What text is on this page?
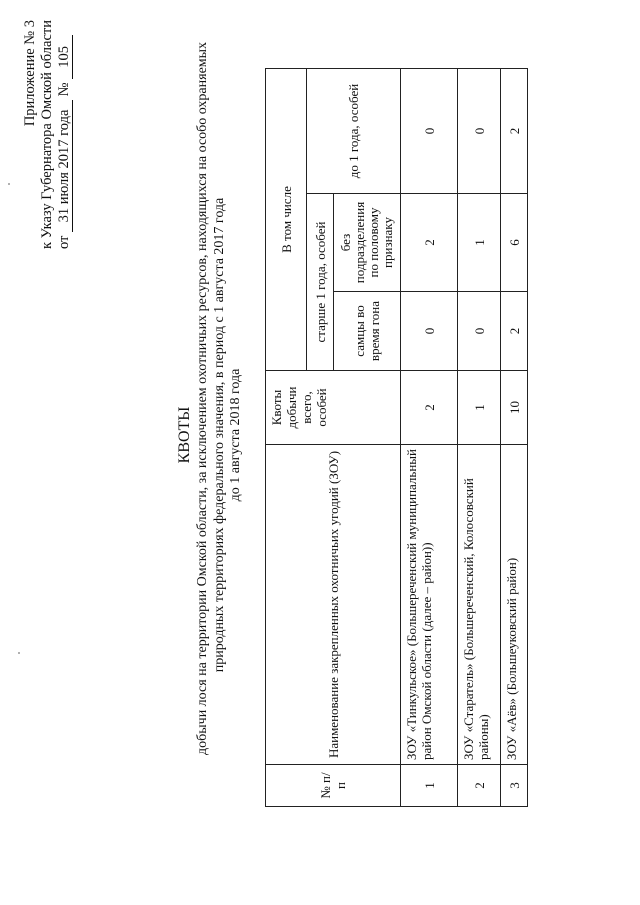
Приложение № 3 к Указу Губернатора Омской области от 31 июля 2017 года № 105
КВОТЫ добычи лося на территории Омской области, за исключением охотничьих ресурсов, находящихся на особо охраняемых природных территориях федерального значения, в период с 1 августа 2017 года до 1 августа 2018 года
№ п/п	Наименование закрепленных охотничьих угодий (ЗОУ)	Квоты добычи всего, особей	В том числе		
			старше 1 года, особей		до 1 года, особей
			самцы во время гона	без подразделения по половому признаку	
1	ЗОУ «Тинкульское» (Большереченский муниципальный район Омской области (далее – район))	2	0	2	0
2	ЗОУ «Старатель» (Большереченский, Колосовский районы)	1	0	1	0
3	ЗОУ «Аёв» (Большеуковский район)	10	2	6	2
